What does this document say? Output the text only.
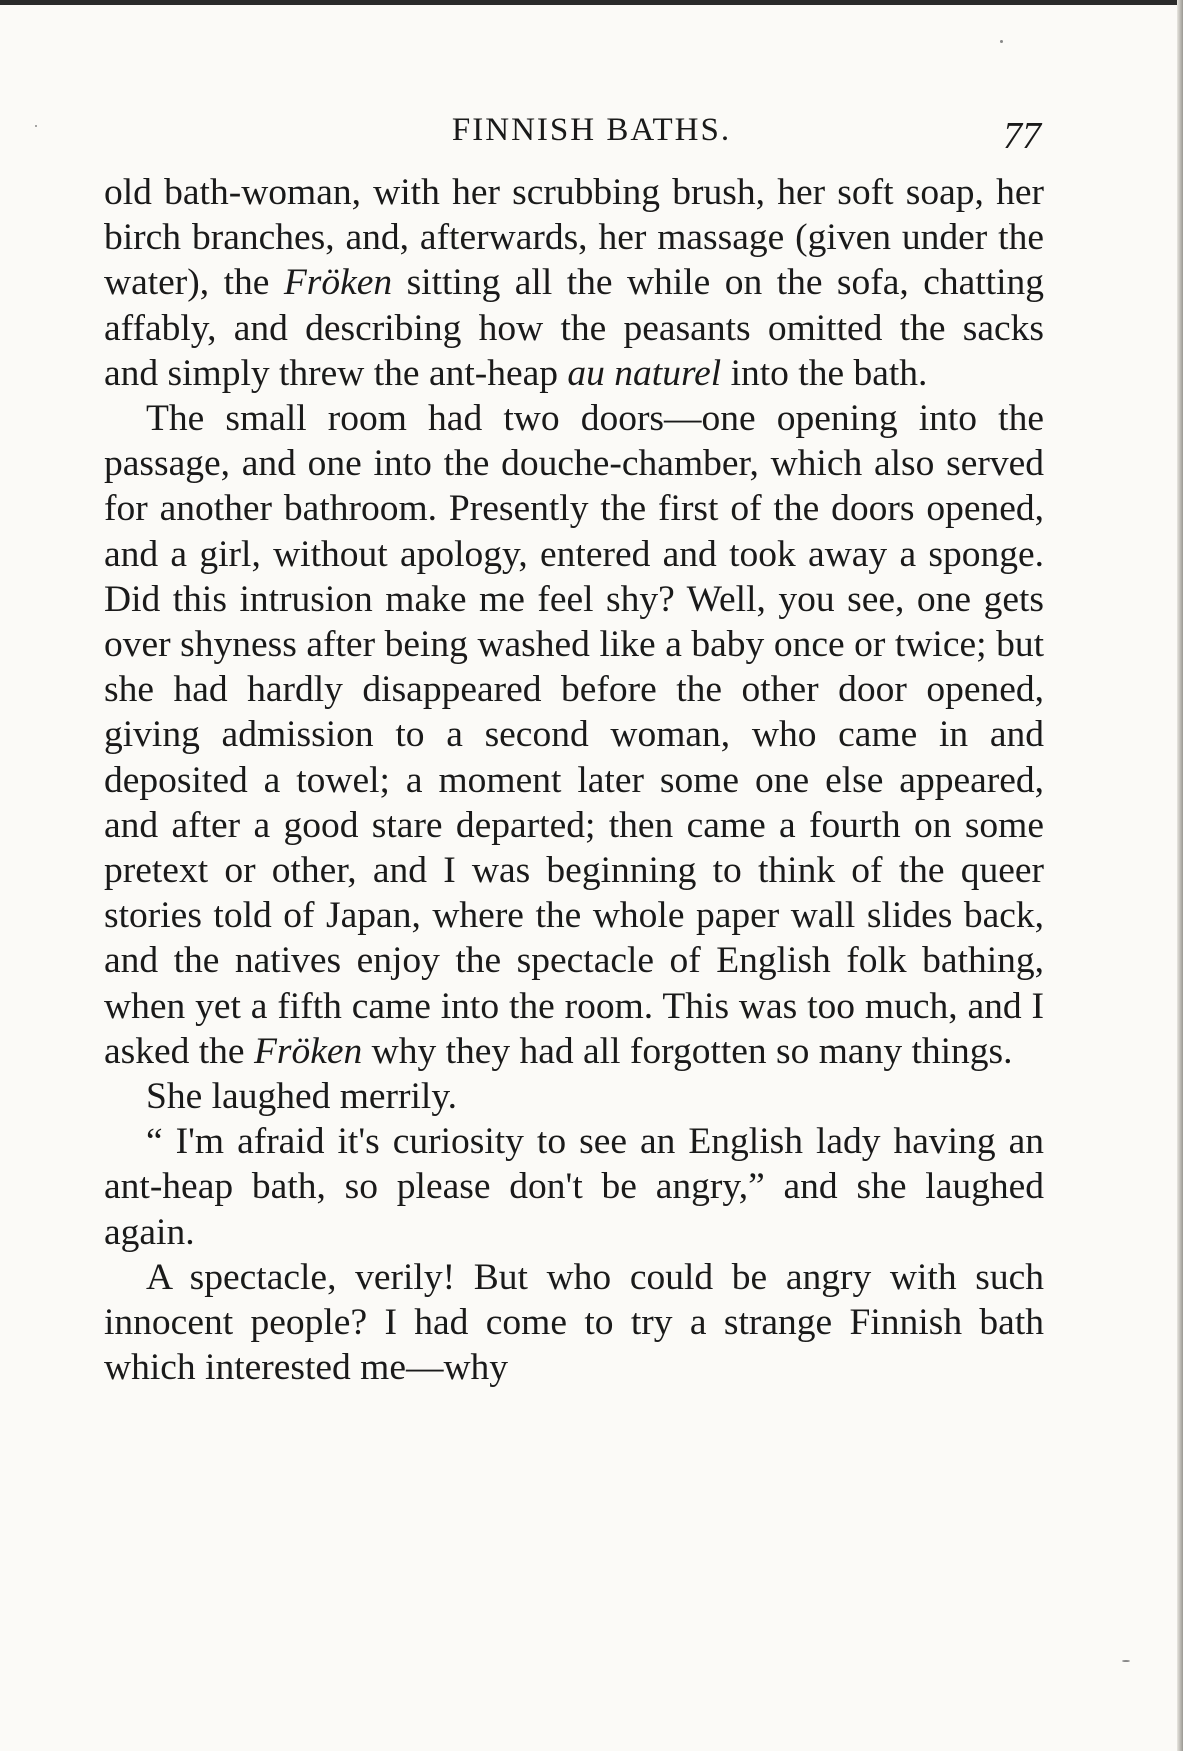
FINNISH BATHS.	77

old bath-woman, with her scrubbing brush, her soft soap, her birch branches, and, afterwards, her massage (given under the water), the Fröken sitting all the while on the sofa, chatting affably, and describing how the peasants omitted the sacks and simply threw the ant-heap au naturel into the bath.

The small room had two doors—one opening into the passage, and one into the douche-chamber, which also served for another bathroom. Presently the first of the doors opened, and a girl, without apology, entered and took away a sponge. Did this intrusion make me feel shy? Well, you see, one gets over shyness after being washed like a baby once or twice; but she had hardly disappeared before the other door opened, giving admission to a second woman, who came in and deposited a towel; a moment later some one else appeared, and after a good stare departed; then came a fourth on some pretext or other, and I was beginning to think of the queer stories told of Japan, where the whole paper wall slides back, and the natives enjoy the spectacle of English folk bathing, when yet a fifth came into the room. This was too much, and I asked the Fröken why they had all forgotten so many things.

She laughed merrily.

“ I'm afraid it's curiosity to see an English lady having an ant-heap bath, so please don't be angry,” and she laughed again.

A spectacle, verily! But who could be angry with such innocent people? I had come to try a strange Finnish bath which interested me—why
